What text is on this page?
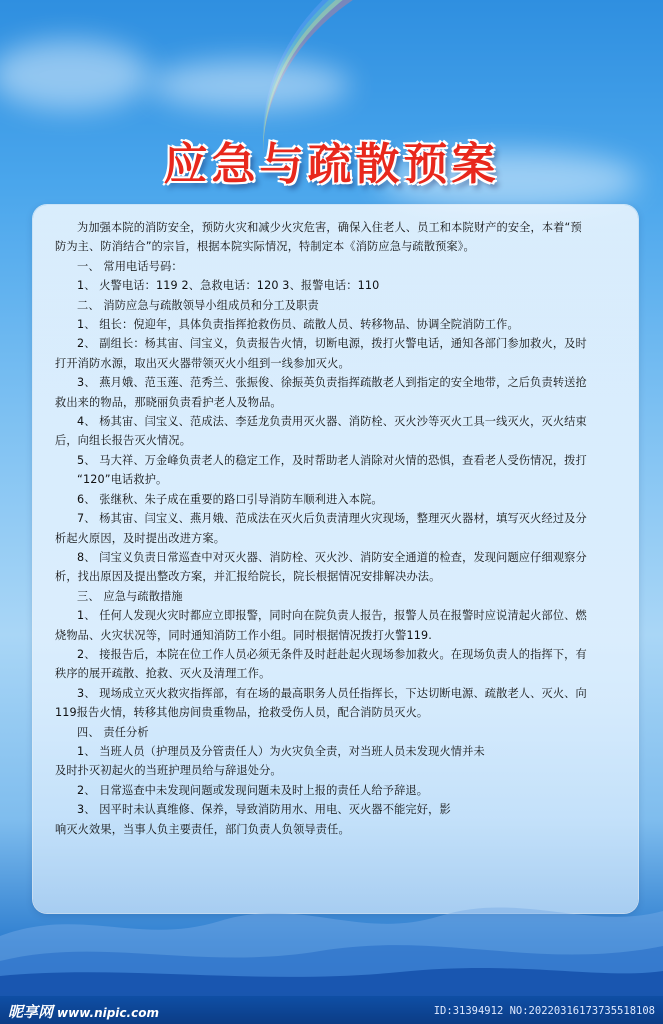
应急与疏散预案

为加强本院的消防安全，预防火灾和减少火灾危害，确保入住老人、员工和本院财产的安全，本着“预

防为主、防消结合”的宗旨，根据本院实际情况，特制定本《消防应急与疏散预案》。

一、 常用电话号码：

1、 火警电话：119 2、急救电话：120 3、报警电话：110

二、 消防应急与疏散领导小组成员和分工及职责

1、 组长：倪迎年，具体负责指挥抢救伤员、疏散人员、转移物品、协调全院消防工作。

2、 副组长：杨其宙、闫宝义，负责报告火情，切断电源，拨打火警电话，通知各部门参加救火，及时

打开消防水源，取出灭火器带领灭火小组到一线参加灭火。

3、 燕月娥、范玉莲、范秀兰、张振俊、徐振英负责指挥疏散老人到指定的安全地带，之后负责转送抢

救出来的物品，那晓丽负责看护老人及物品。

4、 杨其宙、闫宝义、范成法、李廷龙负责用灭火器、消防栓、灭火沙等灭火工具一线灭火，灭火结束

后，向组长报告灭火情况。

5、 马大祥、万金峰负责老人的稳定工作，及时帮助老人消除对火情的恐惧，查看老人受伤情况，拨打

“120”电话救护。

6、 张继秋、朱子成在重要的路口引导消防车顺利进入本院。

7、 杨其宙、闫宝义、燕月娥、范成法在灭火后负责清理火灾现场，整理灭火器材，填写灭火经过及分

析起火原因，及时提出改进方案。

8、 闫宝义负责日常巡查中对灭火器、消防栓、灭火沙、消防安全通道的检查，发现问题应仔细观察分

析，找出原因及提出整改方案，并汇报给院长，院长根据情况安排解决办法。

三、 应急与疏散措施

1、 任何人发现火灾时都应立即报警，同时向在院负责人报告，报警人员在报警时应说清起火部位、燃

烧物品、火灾状况等，同时通知消防工作小组。同时根据情况拨打火警119.

2、 接报告后，本院在位工作人员必须无条件及时赶赴起火现场参加救火。在现场负责人的指挥下，有

秩序的展开疏散、抢救、灭火及清理工作。

3、 现场成立灭火救灾指挥部，有在场的最高职务人员任指挥长，下达切断电源、疏散老人、灭火、向

119报告火情，转移其他房间贵重物品，抢救受伤人员，配合消防员灭火。

四、 责任分析

1、 当班人员（护理员及分管责任人）为火灾负全责，对当班人员未发现火情并未

及时扑灭初起火的当班护理员给与辞退处分。

2、 日常巡查中未发现问题或发现问题未及时上报的责任人给予辞退。

3、 因平时未认真维修、保养，导致消防用水、用电、灭火器不能完好，影

响灭火效果，当事人负主要责任，部门负责人负领导责任。

昵享网 www.nipic.com	ID:31394912 NO:20220316173735518108
